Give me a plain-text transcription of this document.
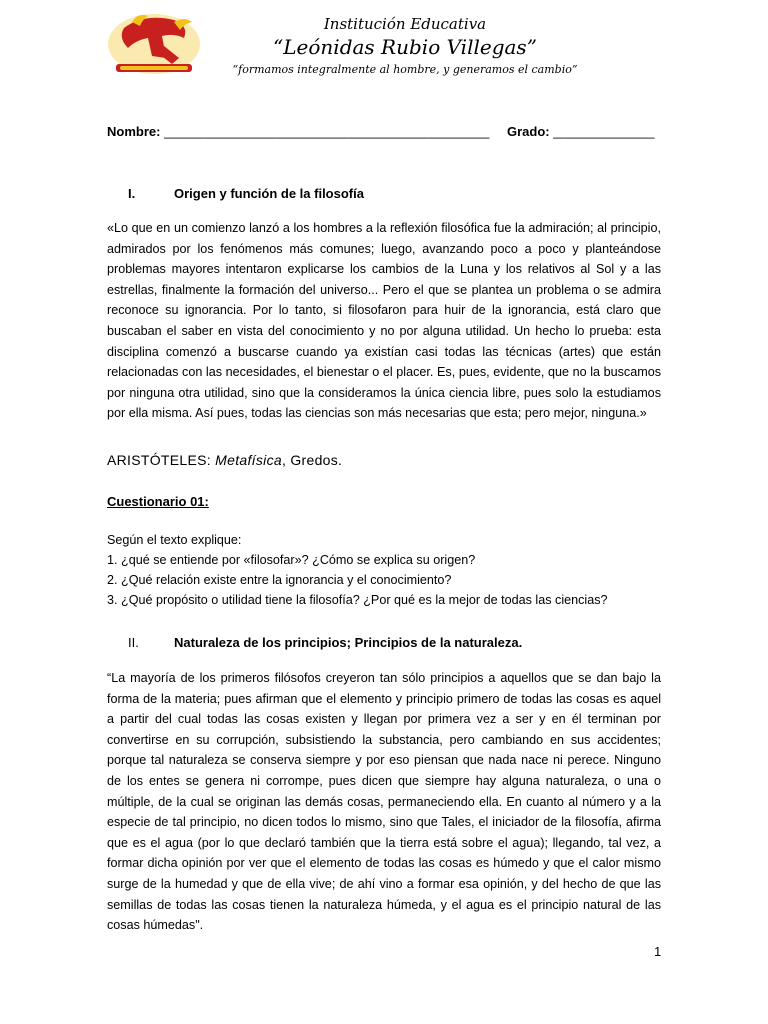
Institución Educativa
“Leónidas Rubio Villegas”
“formamos integralmente al hombre, y generamos el cambio”
Nombre: _____________________________________________ Grado: ______________
I.	Origen y función de la filosofía
«Lo que en un comienzo lanzó a los hombres a la reflexión filosófica fue la admiración; al principio, admirados por los fenómenos más comunes; luego, avanzando poco a poco y planteándose problemas mayores intentaron explicarse los cambios de la Luna y los relativos al Sol y a las estrellas, finalmente la formación del universo... Pero el que se plantea un problema o se admira reconoce su ignorancia. Por lo tanto, si filosofaron para huir de la ignorancia, está claro que buscaban el saber en vista del conocimiento y no por alguna utilidad. Un hecho lo prueba: esta disciplina comenzó a buscarse cuando ya existían casi todas las técnicas (artes) que están relacionadas con las necesidades, el bienestar o el placer. Es, pues, evidente, que no la buscamos por ninguna otra utilidad, sino que la consideramos la única ciencia libre, pues solo la estudiamos por ella misma. Así pues, todas las ciencias son más necesarias que esta; pero mejor, ninguna.»
ARISTÓTELES: Metafísica, Gredos.
Cuestionario 01:
Según el texto explique:
1. ¿qué se entiende por «filosofar»? ¿Cómo se explica su origen?
2. ¿Qué relación existe entre la ignorancia y el conocimiento?
3. ¿Qué propósito o utilidad tiene la filosofía? ¿Por qué es la mejor de todas las ciencias?
II.	Naturaleza de los principios; Principios de la naturaleza.
“La mayoría de los primeros filósofos creyeron tan sólo principios a aquellos que se dan bajo la forma de la materia; pues afirman que el elemento y principio primero de todas las cosas es aquel a partir del cual todas las cosas existen y llegan por primera vez a ser y en él terminan por convertirse en su corrupción, subsistiendo la substancia, pero cambiando en sus accidentes; porque tal naturaleza se conserva siempre y por eso piensan que nada nace ni perece. Ninguno de los entes se genera ni corrompe, pues dicen que siempre hay alguna naturaleza, o una o múltiple, de la cual se originan las demás cosas, permaneciendo ella. En cuanto al número y a la especie de tal principio, no dicen todos lo mismo, sino que Tales, el iniciador de la filosofía, afirma que es el agua (por lo que declaró también que la tierra está sobre el agua); llegando, tal vez, a formar dicha opinión por ver que el elemento de todas las cosas es húmedo y que el calor mismo surge de la humedad y que de ella vive; de ahí vino a formar esa opinión, y del hecho de que las semillas de todas las cosas tienen la naturaleza húmeda, y el agua es el principio natural de las cosas húmedas".
1
